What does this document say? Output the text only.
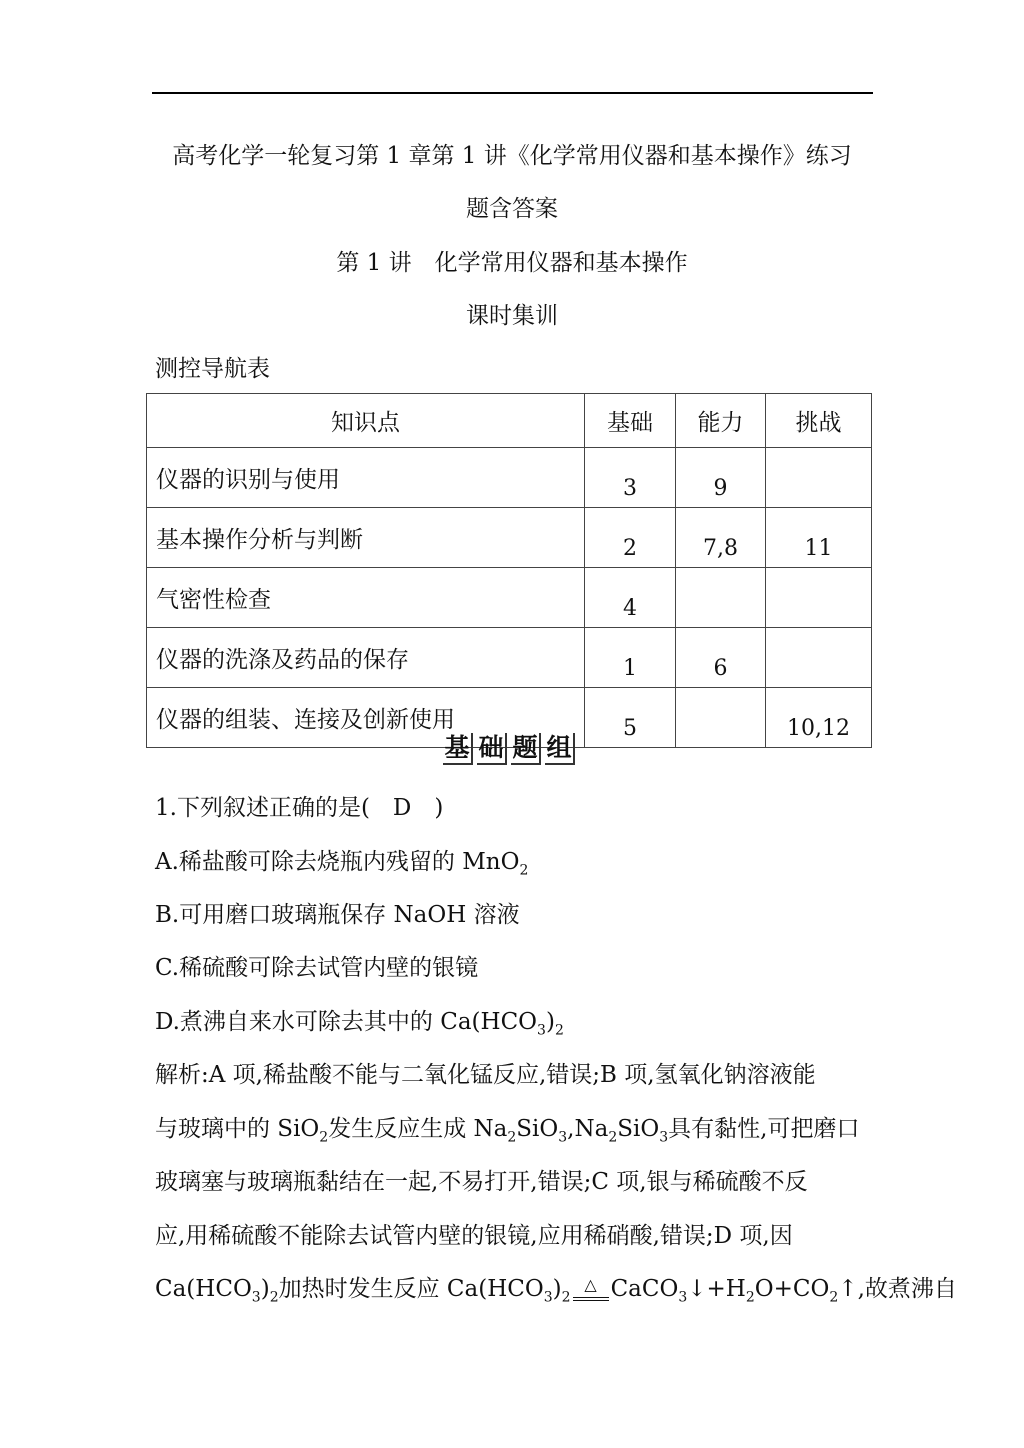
高考化学一轮复习第 1 章第 1 讲《化学常用仪器和基本操作》练习
题含答案
第 1 讲　化学常用仪器和基本操作
课时集训
测控导航表
知识点	基础	能力	挑战
仪器的识别与使用	3	9	
基本操作分析与判断	2	7,8	11
气密性检查	4		
仪器的洗涤及药品的保存	1	6	
仪器的组装、连接及创新使用	5		10,12
基 础 题 组
1.下列叙述正确的是(　D　)
A.稀盐酸可除去烧瓶内残留的 MnO$_2$
B.可用磨口玻璃瓶保存 NaOH 溶液
C.稀硫酸可除去试管内壁的银镜
D.煮沸自来水可除去其中的 $Ca(HCO_3)_2$
解析:A 项,稀盐酸不能与二氧化锰反应,错误;B 项,氢氧化钠溶液能
与玻璃中的 SiO$_2$发生反应生成 $Na_2SiO_3,Na_2SiO_3$具有黏性,可把磨口
玻璃塞与玻璃瓶黏结在一起,不易打开,错误;C 项,银与稀硫酸不反
应,用稀硫酸不能除去试管内壁的银镜,应用稀硝酸,错误;D 项,因
$Ca(HCO_3)_2$加热时发生反应 $Ca(HCO_3)_2\triangle$ $CaCO_3↓+H_2O+CO_2↑$,故煮沸自
